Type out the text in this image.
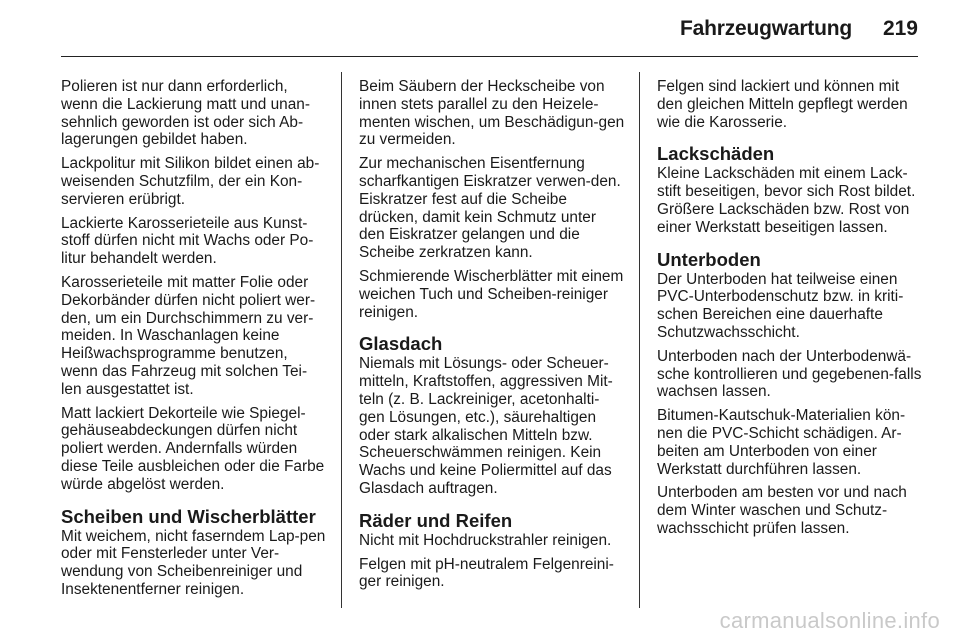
Fahrzeugwartung 219

Polieren ist nur dann erforderlich, wenn die Lackierung matt und unan-sehnlich geworden ist oder sich Ab-lagerungen gebildet haben.

Lackpolitur mit Silikon bildet einen ab-weisenden Schutzfilm, der ein Kon-servieren erübrigt.

Lackierte Karosserieteile aus Kunst-stoff dürfen nicht mit Wachs oder Po-litur behandelt werden.

Karosserieteile mit matter Folie oder Dekorbänder dürfen nicht poliert wer-den, um ein Durchschimmern zu ver-meiden. In Waschanlagen keine Heißwachsprogramme benutzen, wenn das Fahrzeug mit solchen Tei-len ausgestattet ist.

Matt lackiert Dekorteile wie Spiegel-gehäuseabdeckungen dürfen nicht poliert werden. Andernfalls würden diese Teile ausbleichen oder die Farbe würde abgelöst werden.

Scheiben und Wischerblätter

Mit weichem, nicht faserndem Lap-pen oder mit Fensterleder unter Ver-wendung von Scheibenreiniger und Insektenentferner reinigen.

Beim Säubern der Heckscheibe von innen stets parallel zu den Heizele-menten wischen, um Beschädigun-gen zu vermeiden.

Zur mechanischen Eisentfernung scharfkantigen Eiskratzer verwen-den. Eiskratzer fest auf die Scheibe drücken, damit kein Schmutz unter den Eiskratzer gelangen und die Scheibe zerkratzen kann.

Schmierende Wischerblätter mit einem weichen Tuch und Scheiben-reiniger reinigen.

Glasdach

Niemals mit Lösungs- oder Scheuer-mitteln, Kraftstoffen, aggressiven Mit-teln (z. B. Lackreiniger, acetonhalti-gen Lösungen, etc.), säurehaltigen oder stark alkalischen Mitteln bzw. Scheuerschwämmen reinigen. Kein Wachs und keine Poliermittel auf das Glasdach auftragen.

Räder und Reifen

Nicht mit Hochdruckstrahler reinigen.

Felgen mit pH-neutralem Felgenreini-ger reinigen.

Felgen sind lackiert und können mit den gleichen Mitteln gepflegt werden wie die Karosserie.

Lackschäden

Kleine Lackschäden mit einem Lack-stift beseitigen, bevor sich Rost bildet. Größere Lackschäden bzw. Rost von einer Werkstatt beseitigen lassen.

Unterboden

Der Unterboden hat teilweise einen PVC-Unterbodenschutz bzw. in kriti-schen Bereichen eine dauerhafte Schutzwachsschicht.

Unterboden nach der Unterbodenwä-sche kontrollieren und gegebenen-falls wachsen lassen.

Bitumen-Kautschuk-Materialien kön-nen die PVC-Schicht schädigen. Ar-beiten am Unterboden von einer Werkstatt durchführen lassen.

Unterboden am besten vor und nach dem Winter waschen und Schutz-wachsschicht prüfen lassen.

carmanualsonline.info
